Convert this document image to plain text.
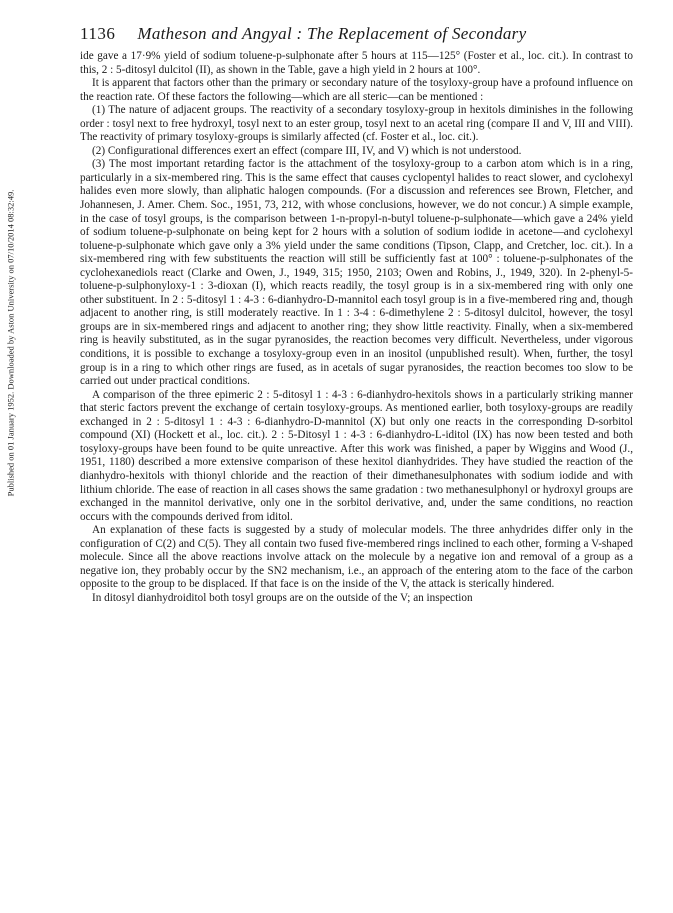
Published on 01 January 1952. Downloaded by Aston University on 07/10/2014 08:32:49.
1136 Matheson and Angyal : The Replacement of Secondary

ide gave a 17·9% yield of sodium toluene-p-sulphonate after 5 hours at 115—125° (Foster et al., loc. cit.). In contrast to this, 2 : 5-ditosyl dulcitol (II), as shown in the Table, gave a high yield in 2 hours at 100°.

It is apparent that factors other than the primary or secondary nature of the tosyloxy-group have a profound influence on the reaction rate. Of these factors the following—which are all steric—can be mentioned :

(1) The nature of adjacent groups. The reactivity of a secondary tosyloxy-group in hexitols diminishes in the following order : tosyl next to free hydroxyl, tosyl next to an ester group, tosyl next to an acetal ring (compare II and V, III and VIII). The reactivity of primary tosyloxy-groups is similarly affected (cf. Foster et al., loc. cit.).

(2) Configurational differences exert an effect (compare III, IV, and V) which is not understood.

(3) The most important retarding factor is the attachment of the tosyloxy-group to a carbon atom which is in a ring, particularly in a six-membered ring. This is the same effect that causes cyclopentyl halides to react slower, and cyclohexyl halides even more slowly, than aliphatic halogen compounds. (For a discussion and references see Brown, Fletcher, and Johannesen, J. Amer. Chem. Soc., 1951, 73, 212, with whose conclusions, however, we do not concur.) A simple example, in the case of tosyl groups, is the comparison between 1-n-propyl-n-butyl toluene-p-sulphonate—which gave a 24% yield of sodium toluene-p-sulphonate on being kept for 2 hours with a solution of sodium iodide in acetone—and cyclohexyl toluene-p-sulphonate which gave only a 3% yield under the same conditions (Tipson, Clapp, and Cretcher, loc. cit.). In a six-membered ring with few substituents the reaction will still be sufficiently fast at 100° : toluene-p-sulphonates of the cyclohexanediols react (Clarke and Owen, J., 1949, 315; 1950, 2103; Owen and Robins, J., 1949, 320). In 2-phenyl-5-toluene-p-sulphonyloxy-1 : 3-dioxan (I), which reacts readily, the tosyl group is in a six-membered ring with only one other substituent. In 2 : 5-ditosyl 1 : 4-3 : 6-dianhydro-D-mannitol each tosyl group is in a five-membered ring and, though adjacent to another ring, is still moderately reactive. In 1 : 3-4 : 6-dimethylene 2 : 5-ditosyl dulcitol, however, the tosyl groups are in six-membered rings and adjacent to another ring; they show little reactivity. Finally, when a six-membered ring is heavily substituted, as in the sugar pyranosides, the reaction becomes very difficult. Nevertheless, under vigorous conditions, it is possible to exchange a tosyloxy-group even in an inositol (unpublished result). When, further, the tosyl group is in a ring to which other rings are fused, as in acetals of sugar pyranosides, the reaction becomes too slow to be carried out under practical conditions.

A comparison of the three epimeric 2 : 5-ditosyl 1 : 4-3 : 6-dianhydro-hexitols shows in a particularly striking manner that steric factors prevent the exchange of certain tosyloxy-groups. As mentioned earlier, both tosyloxy-groups are readily exchanged in 2 : 5-ditosyl 1 : 4-3 : 6-dianhydro-D-mannitol (X) but only one reacts in the corresponding D-sorbitol compound (XI) (Hockett et al., loc. cit.). 2 : 5-Ditosyl 1 : 4-3 : 6-dianhydro-L-iditol (IX) has now been tested and both tosyloxy-groups have been found to be quite unreactive. After this work was finished, a paper by Wiggins and Wood (J., 1951, 1180) described a more extensive comparison of these hexitol dianhydrides. They have studied the reaction of the dianhydro-hexitols with thionyl chloride and the reaction of their dimethanesulphonates with sodium iodide and with lithium chloride. The ease of reaction in all cases shows the same gradation : two methanesulphonyl or hydroxyl groups are exchanged in the mannitol derivative, only one in the sorbitol derivative, and, under the same conditions, no reaction occurs with the compounds derived from iditol.

An explanation of these facts is suggested by a study of molecular models. The three anhydrides differ only in the configuration of C(2) and C(5). They all contain two fused five-membered rings inclined to each other, forming a V-shaped molecule. Since all the above reactions involve attack on the molecule by a negative ion and removal of a group as a negative ion, they probably occur by the SN2 mechanism, i.e., an approach of the entering atom to the face of the carbon opposite to the group to be displaced. If that face is on the inside of the V, the attack is sterically hindered.

In ditosyl dianhydroiditol both tosyl groups are on the outside of the V; an inspection
